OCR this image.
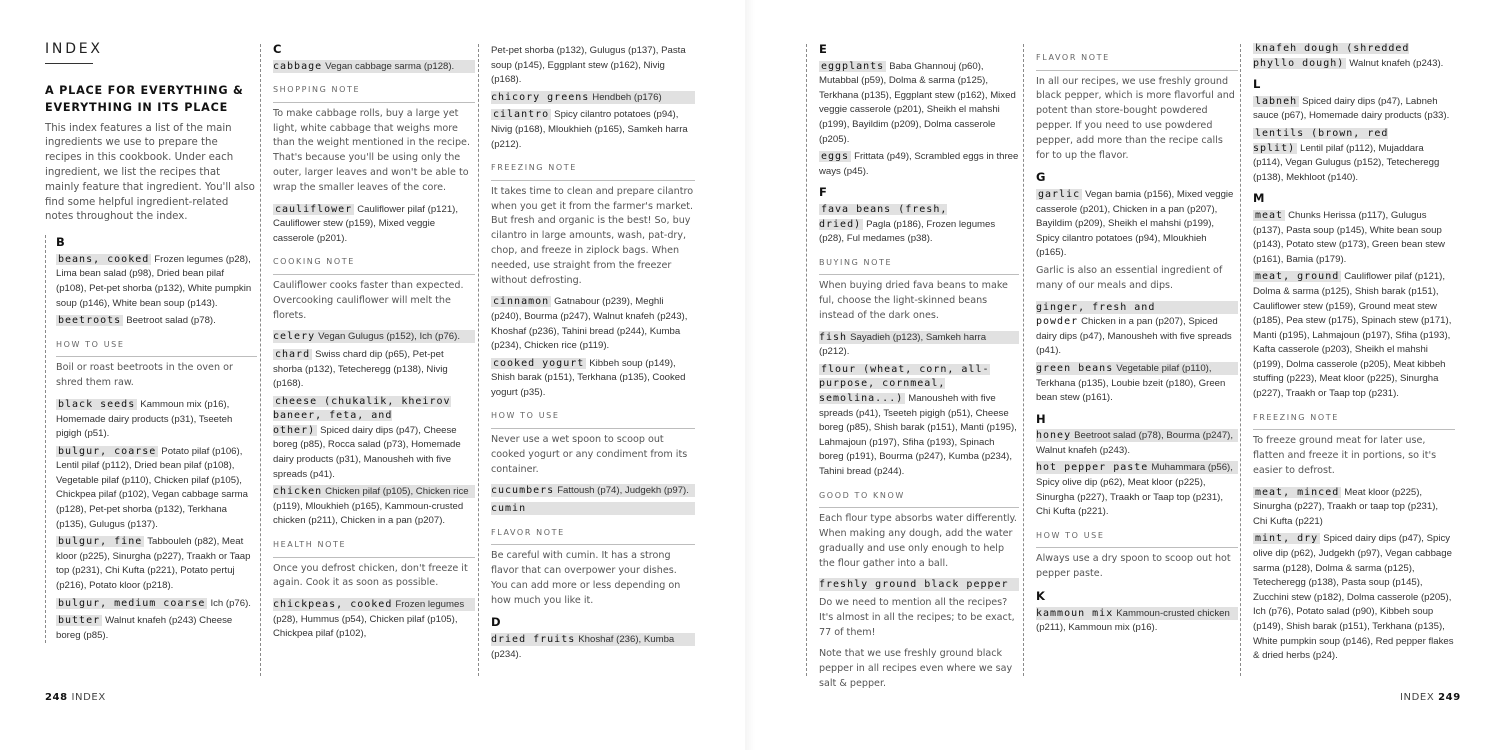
INDEX
A PLACE FOR EVERYTHING & EVERYTHING IN ITS PLACE
This index features a list of the main ingredients we use to prepare the recipes in this cookbook. Under each ingredient, we list the recipes that mainly feature that ingredient. You'll also find some helpful ingredient-related notes throughout the index.
B
beans, cooked Frozen legumes (p28), Lima bean salad (p98), Dried bean pilaf (p108), Pet-pet shorba (p132), White pumpkin soup (p146), White bean soup (p143).
beetroots Beetroot salad (p78).
HOW TO USE
Boil or roast beetroots in the oven or shred them raw.
black seeds Kammoun mix (p16), Homemade dairy products (p31), Tseeteh pigigh (p51).
bulgur, coarse Potato pilaf (p106), Lentil pilaf (p112), Dried bean pilaf (p108), Vegetable pilaf (p110), Chicken pilaf (p105), Chickpea pilaf (p102), Vegan cabbage sarma (p128), Pet-pet shorba (p132), Terkhana (p135), Gulugus (p137).
bulgur, fine Tabbouleh (p82), Meat kloor (p225), Sinurgha (p227), Traakh or Taap top (p231), Chi Kufta (p221), Potato pertuj (p216), Potato kloor (p218).
bulgur, medium coarse Ich (p76).
butter Walnut knafeh (p243) Cheese boreg (p85).
C
cabbage Vegan cabbage sarma (p128).
SHOPPING NOTE
To make cabbage rolls, buy a large yet light, white cabbage that weighs more than the weight mentioned in the recipe. That's because you'll be using only the outer, larger leaves and won't be able to wrap the smaller leaves of the core.
cauliflower Cauliflower pilaf (p121), Cauliflower stew (p159), Mixed veggie casserole (p201).
COOKING NOTE
Cauliflower cooks faster than expected. Overcooking cauliflower will melt the florets.
celery Vegan Gulugus (p152), Ich (p76).
chard Swiss chard dip (p65), Pet-pet shorba (p132), Tetecheregg (p138), Nivig (p168).
cheese (chukalik, kheirov baneer, feta, and other) Spiced dairy dips (p47), Cheese boreg (p85), Rocca salad (p73), Homemade dairy products (p31), Manousheh with five spreads (p41).
chicken Chicken pilaf (p105), Chicken rice (p119), Mloukhieh (p165), Kammoun-crusted chicken (p211), Chicken in a pan (p207).
HEALTH NOTE
Once you defrost chicken, don't freeze it again. Cook it as soon as possible.
chickpeas, cooked Frozen legumes (p28), Hummus (p54), Chicken pilaf (p105), Chickpea pilaf (p102),
Pet-pet shorba (p132), Gulugus (p137), Pasta soup (p145), Eggplant stew (p162), Nivig (p168).
chicory greens Hendbeh (p176)
cilantro Spicy cilantro potatoes (p94), Nivig (p168), Mloukhieh (p165), Samkeh harra (p212).
FREEZING NOTE
It takes time to clean and prepare cilantro when you get it from the farmer's market. But fresh and organic is the best! So, buy cilantro in large amounts, wash, pat-dry, chop, and freeze in ziplock bags. When needed, use straight from the freezer without defrosting.
cinnamon Gatnabour (p239), Meghli (p240), Bourma (p247), Walnut knafeh (p243), Khoshaf (p236), Tahini bread (p244), Kumba (p234), Chicken rice (p119).
cooked yogurt Kibbeh soup (p149), Shish barak (p151), Terkhana (p135), Cooked yogurt (p35).
HOW TO USE
Never use a wet spoon to scoop out cooked yogurt or any condiment from its container.
cucumbers Fattoush (p74), Judgekh (p97).
cumin
FLAVOR NOTE
Be careful with cumin. It has a strong flavor that can overpower your dishes. You can add more or less depending on how much you like it.
D
dried fruits Khoshaf (236), Kumba (p234).
E
eggplants Baba Ghannouj (p60), Mutabbal (p59), Dolma & sarma (p125), Terkhana (p135), Eggplant stew (p162), Mixed veggie casserole (p201), Sheikh el mahshi (p199), Bayildim (p209), Dolma casserole (p205).
eggs Frittata (p49), Scrambled eggs in three ways (p45).
F
fava beans (fresh, dried) Pagla (p186), Frozen legumes (p28), Ful medames (p38).
BUYING NOTE
When buying dried fava beans to make ful, choose the light-skinned beans instead of the dark ones.
fish Sayadieh (p123), Samkeh harra (p212).
flour (wheat, corn, all-purpose, cornmeal, semolina...) Manousheh with five spreads (p41), Tseeteh pigigh (p51), Cheese boreg (p85), Shish barak (p151), Manti (p195), Lahmajoun (p197), Sfiha (p193), Spinach boreg (p191), Bourma (p247), Kumba (p234), Tahini bread (p244).
GOOD TO KNOW
Each flour type absorbs water differently. When making any dough, add the water gradually and use only enough to help the flour gather into a ball.
freshly ground black pepper
Do we need to mention all the recipes? It's almost in all the recipes; to be exact, 77 of them!
Note that we use freshly ground black pepper in all recipes even where we say salt & pepper.
FLAVOR NOTE
In all our recipes, we use freshly ground black pepper, which is more flavorful and potent than store-bought powdered pepper. If you need to use powdered pepper, add more than the recipe calls for to up the flavor.
G
garlic Vegan bamia (p156), Mixed veggie casserole (p201), Chicken in a pan (p207), Bayildim (p209), Sheikh el mahshi (p199), Spicy cilantro potatoes (p94), Mloukhieh (p165).
Garlic is also an essential ingredient of many of our meals and dips.
ginger, fresh and powder Chicken in a pan (p207), Spiced dairy dips (p47), Manousheh with five spreads (p41).
green beans Vegetable pilaf (p110), Terkhana (p135), Loubie bzeit (p180), Green bean stew (p161).
H
honey Beetroot salad (p78), Bourma (p247), Walnut knafeh (p243).
hot pepper paste Muhammara (p56), Spicy olive dip (p62), Meat kloor (p225), Sinurgha (p227), Traakh or Taap top (p231), Chi Kufta (p221).
HOW TO USE
Always use a dry spoon to scoop out hot pepper paste.
K
kammoun mix Kammoun-crusted chicken (p211), Kammoun mix (p16).
knafeh dough (shredded phyllo dough) Walnut knafeh (p243).
L
labneh Spiced dairy dips (p47), Labneh sauce (p67), Homemade dairy products (p33).
lentils (brown, red split) Lentil pilaf (p112), Mujaddara (p114), Vegan Gulugus (p152), Tetecheregg (p138), Mekhloot (p140).
M
meat Chunks Herissa (p117), Gulugus (p137), Pasta soup (p145), White bean soup (p143), Potato stew (p173), Green bean stew (p161), Bamia (p179).
meat, ground Cauliflower pilaf (p121), Dolma & sarma (p125), Shish barak (p151), Cauliflower stew (p159), Ground meat stew (p185), Pea stew (p175), Spinach stew (p171), Manti (p195), Lahmajoun (p197), Sfiha (p193), Kafta casserole (p203), Sheikh el mahshi (p199), Dolma casserole (p205), Meat kibbeh stuffing (p223), Meat kloor (p225), Sinurgha (p227), Traakh or Taap top (p231).
FREEZING NOTE
To freeze ground meat for later use, flatten and freeze it in portions, so it's easier to defrost.
meat, minced Meat kloor (p225), Sinurgha (p227), Traakh or taap top (p231), Chi Kufta (p221)
mint, dry Spiced dairy dips (p47), Spicy olive dip (p62), Judgekh (p97), Vegan cabbage sarma (p128), Dolma & sarma (p125), Tetecheregg (p138), Pasta soup (p145), Zucchini stew (p182), Dolma casserole (p205), Ich (p76), Potato salad (p90), Kibbeh soup (p149), Shish barak (p151), Terkhana (p135), White pumpkin soup (p146), Red pepper flakes & dried herbs (p24).
248 INDEX	INDEX 249
